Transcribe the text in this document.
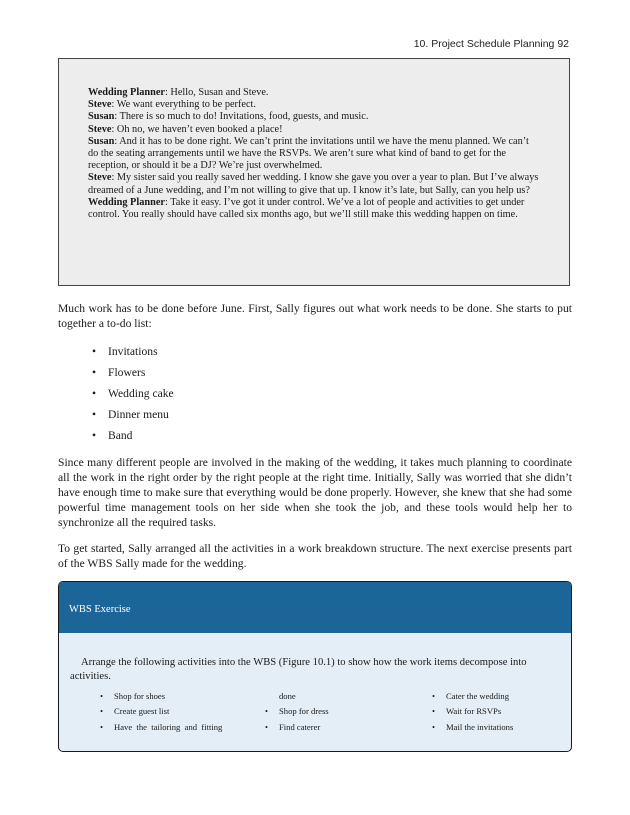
10. Project Schedule Planning 92

Wedding Planner: Hello, Susan and Steve.

Steve: We want everything to be perfect.

Susan: There is so much to do! Invitations, food, guests, and music.

Steve: Oh no, we haven’t even booked a place!

Susan: And it has to be done right. We can’t print the invitations until we have the menu planned. We can’t do the seating arrangements until we have the RSVPs. We aren’t sure what kind of band to get for the reception, or should it be a DJ? We’re just overwhelmed.

Steve: My sister said you really saved her wedding. I know she gave you over a year to plan. But I’ve always dreamed of a June wedding, and I’m not willing to give that up. I know it’s late, but Sally, can you help us?

Wedding Planner: Take it easy. I’ve got it under control. We’ve a lot of people and activities to get under control. You really should have called six months ago, but we’ll still make this wedding happen on time.

Much work has to be done before June. First, Sally figures out what work needs to be done. She starts to put together a to-do list:

• Invitations
• Flowers
• Wedding cake
• Dinner menu
• Band

Since many different people are involved in the making of the wedding, it takes much planning to coordinate all the work in the right order by the right people at the right time. Initially, Sally was worried that she didn’t have enough time to make sure that everything would be done properly. However, she knew that she had some powerful time management tools on her side when she took the job, and these tools would help her to synchronize all the required tasks.

To get started, Sally arranged all the activities in a work breakdown structure. The next exercise presents part of the WBS Sally made for the wedding.

WBS Exercise

Arrange the following activities into the WBS (Figure 10.1) to show how the work items decompose into activities.

• Shop for shoes
• Create guest list
• Have  the  tailoring  and  fitting
done
• Shop for dress
• Find caterer
• Cater the wedding
• Wait for RSVPs
• Mail the invitations
